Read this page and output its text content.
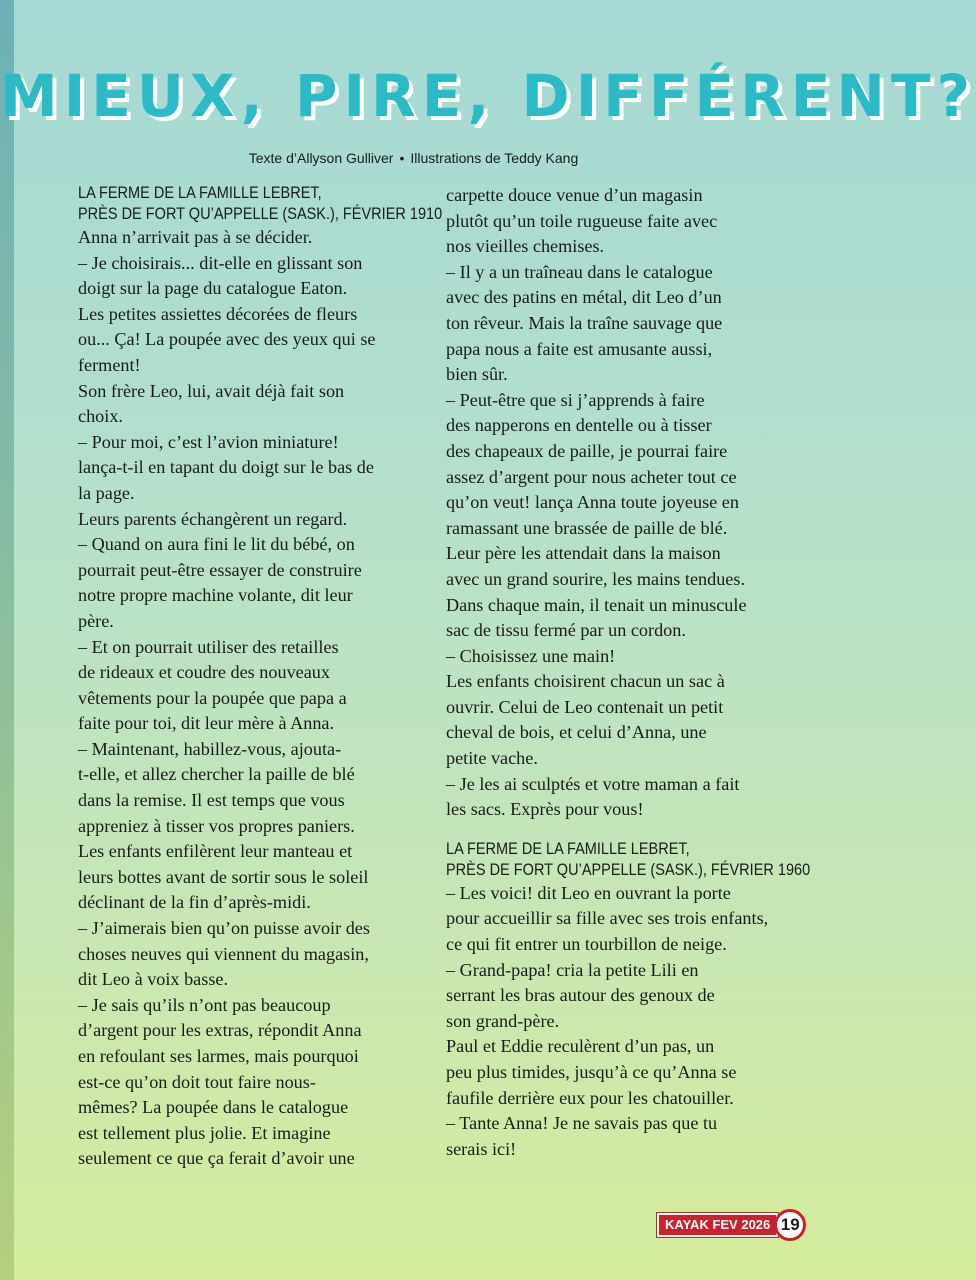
MIEUX, PIRE, DIFFÉRENT?
Texte d’Allyson Gulliver • Illustrations de Teddy Kang

LA FERME DE LA FAMILLE LEBRET,

PRÈS DE FORT QU’APPELLE (SASK.), FÉVRIER 1910

Anna n’arrivait pas à se décider.

– Je choisirais... dit-elle en glissant son

doigt sur la page du catalogue Eaton.

Les petites assiettes décorées de fleurs

ou... Ça! La poupée avec des yeux qui se

ferment!

Son frère Leo, lui, avait déjà fait son

choix.

– Pour moi, c’est l’avion miniature!

lança-t-il en tapant du doigt sur le bas de

la page.

Leurs parents échangèrent un regard.

– Quand on aura fini le lit du bébé, on

pourrait peut-être essayer de construire

notre propre machine volante, dit leur

père.

– Et on pourrait utiliser des retailles

de rideaux et coudre des nouveaux

vêtements pour la poupée que papa a

faite pour toi, dit leur mère à Anna.

– Maintenant, habillez-vous, ajouta-

t-elle, et allez chercher la paille de blé

dans la remise. Il est temps que vous

appreniez à tisser vos propres paniers.

Les enfants enfilèrent leur manteau et

leurs bottes avant de sortir sous le soleil

déclinant de la fin d’après-midi.

– J’aimerais bien qu’on puisse avoir des

choses neuves qui viennent du magasin,

dit Leo à voix basse.

– Je sais qu’ils n’ont pas beaucoup

d’argent pour les extras, répondit Anna

en refoulant ses larmes, mais pourquoi

est-ce qu’on doit tout faire nous-

mêmes? La poupée dans le catalogue

est tellement plus jolie. Et imagine

seulement ce que ça ferait d’avoir une

carpette douce venue d’un magasin

plutôt qu’un toile rugueuse faite avec

nos vieilles chemises.

– Il y a un traîneau dans le catalogue

avec des patins en métal, dit Leo d’un

ton rêveur. Mais la traîne sauvage que

papa nous a faite est amusante aussi,

bien sûr.

– Peut-être que si j’apprends à faire

des napperons en dentelle ou à tisser

des chapeaux de paille, je pourrai faire

assez d’argent pour nous acheter tout ce

qu’on veut! lança Anna toute joyeuse en

ramassant une brassée de paille de blé.

Leur père les attendait dans la maison

avec un grand sourire, les mains tendues.

Dans chaque main, il tenait un minuscule

sac de tissu fermé par un cordon.

– Choisissez une main!

Les enfants choisirent chacun un sac à

ouvrir. Celui de Leo contenait un petit

cheval de bois, et celui d’Anna, une

petite vache.

– Je les ai sculptés et votre maman a fait

les sacs. Exprès pour vous!

LA FERME DE LA FAMILLE LEBRET,

PRÈS DE FORT QU’APPELLE (SASK.), FÉVRIER 1960

– Les voici! dit Leo en ouvrant la porte

pour accueillir sa fille avec ses trois enfants,

ce qui fit entrer un tourbillon de neige.

– Grand-papa! cria la petite Lili en

serrant les bras autour des genoux de

son grand-père.

Paul et Eddie reculèrent d’un pas, un

peu plus timides, jusqu’à ce qu’Anna se

faufile derrière eux pour les chatouiller.

– Tante Anna! Je ne savais pas que tu

serais ici!

KAYAK FEV 2026 19
